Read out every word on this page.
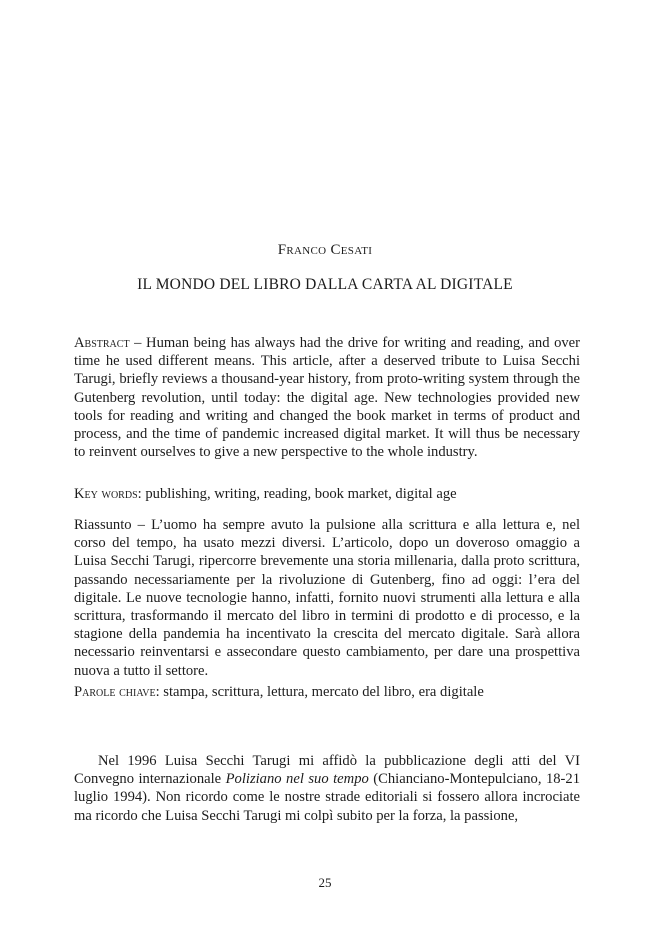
Franco Cesati
IL MONDO DEL LIBRO DALLA CARTA AL DIGITALE
Abstract – Human being has always had the drive for writing and reading, and over time he used different means. This article, after a deserved tribute to Luisa Secchi Tarugi, briefly reviews a thousand-year history, from proto-writing system through the Gutenberg revolution, until today: the digital age. New technologies provided new tools for reading and writing and changed the book market in terms of product and process, and the time of pandemic increased digital market. It will thus be necessary to reinvent ourselves to give a new perspective to the whole industry.
Key words: publishing, writing, reading, book market, digital age
Riassunto – L’uomo ha sempre avuto la pulsione alla scrittura e alla lettura e, nel corso del tempo, ha usato mezzi diversi. L’articolo, dopo un doveroso omaggio a Luisa Secchi Tarugi, ripercorre brevemente una storia millenaria, dalla proto scrittura, passando necessariamente per la rivoluzione di Gutenberg, fino ad oggi: l’era del digitale. Le nuove tecnologie hanno, infatti, fornito nuovi strumenti alla lettura e alla scrittura, trasformando il mercato del libro in termini di prodotto e di processo, e la stagione della pandemia ha incentivato la crescita del mercato digitale. Sarà allora necessario reinventarsi e assecondare questo cambiamento, per dare una prospettiva nuova a tutto il settore.
Parole chiave: stampa, scrittura, lettura, mercato del libro, era digitale
Nel 1996 Luisa Secchi Tarugi mi affidò la pubblicazione degli atti del VI Convegno internazionale Poliziano nel suo tempo (Chianciano-Montepulciano, 18-21 luglio 1994). Non ricordo come le nostre strade editoriali si fossero allora incrociate ma ricordo che Luisa Secchi Tarugi mi colpì subito per la forza, la passione,
25
